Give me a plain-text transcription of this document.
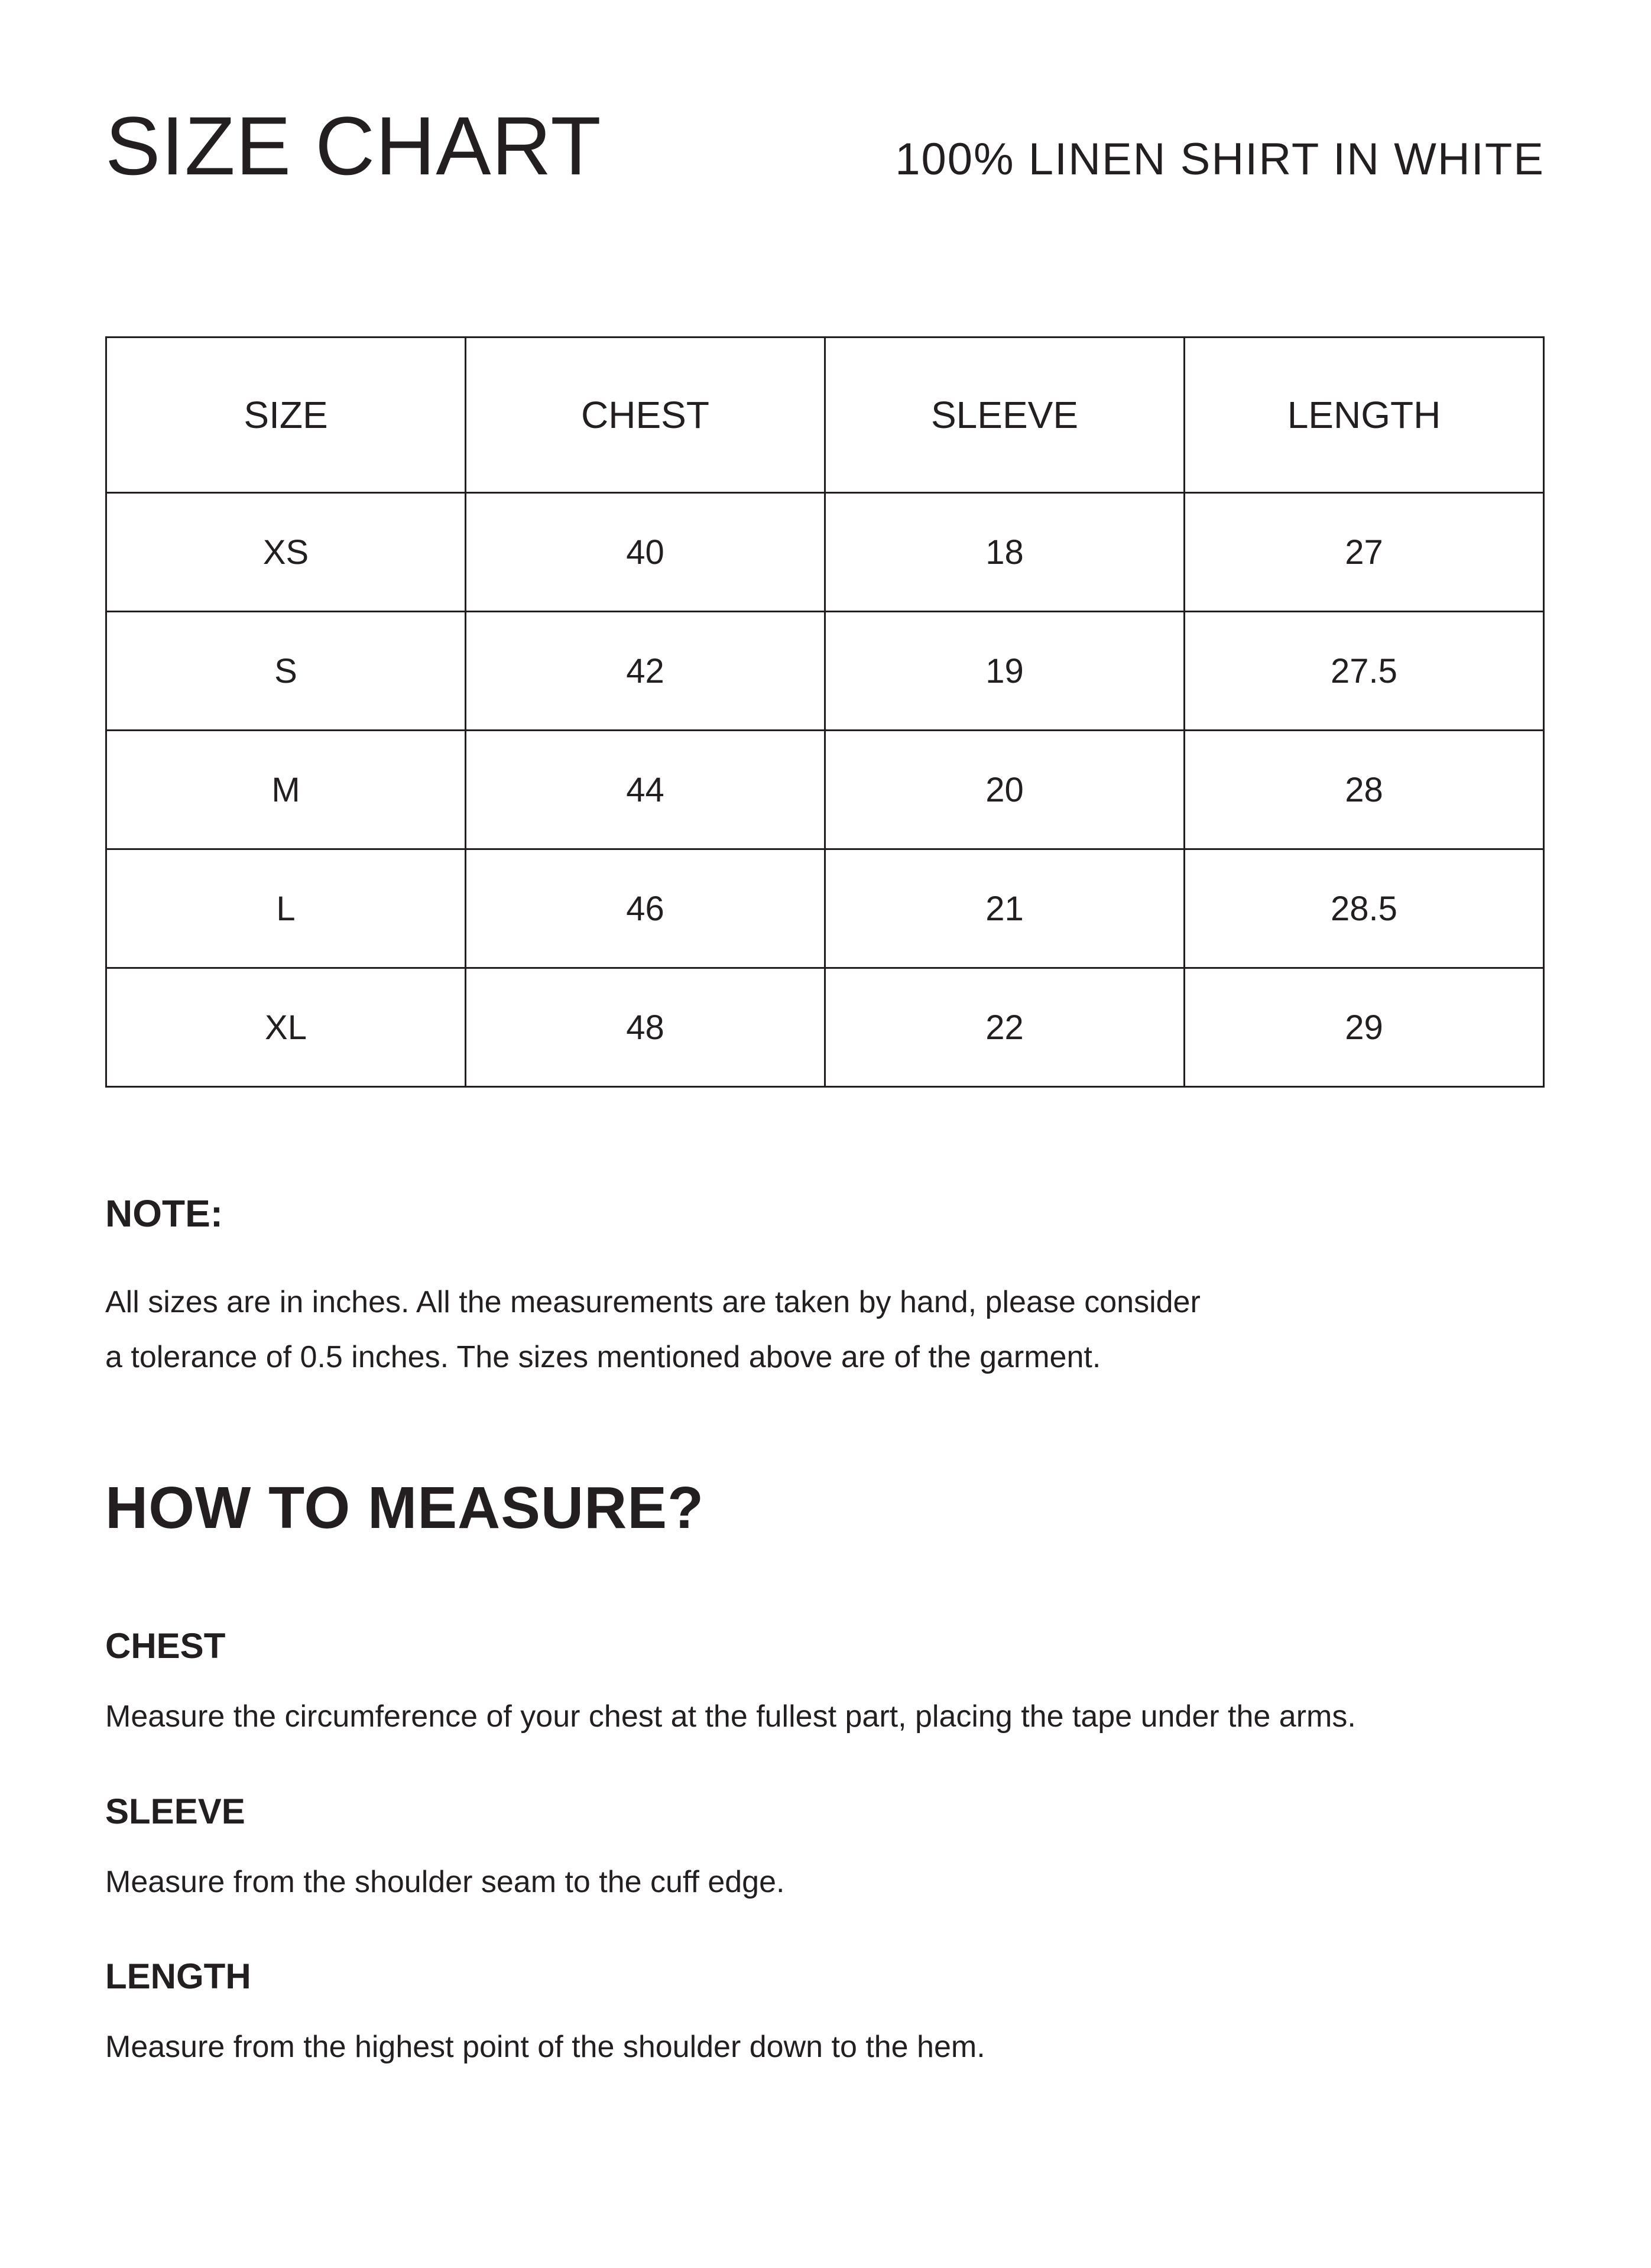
SIZE CHART	100% LINEN SHIRT IN WHITE
SIZE	CHEST	SLEEVE	LENGTH
XS	40	18	27
S	42	19	27.5
M	44	20	28
L	46	21	28.5
XL	48	22	29
NOTE:
All sizes are in inches. All the measurements are taken by hand, please consider
a tolerance of 0.5 inches. The sizes mentioned above are of the garment.
HOW TO MEASURE?
CHEST

Measure the circumference of your chest at the fullest part, placing the tape under the arms.

SLEEVE

Measure from the shoulder seam to the cuff edge.

LENGTH

Measure from the highest point of the shoulder down to the hem.
